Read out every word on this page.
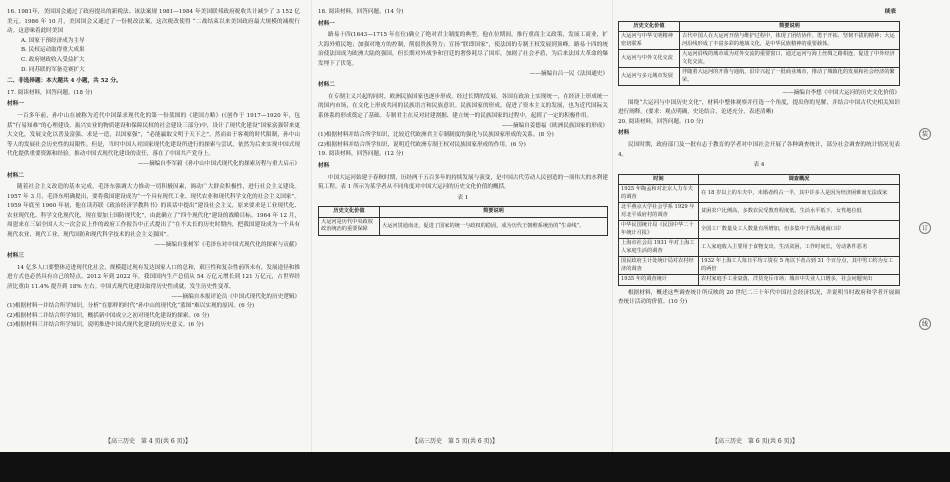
16. 1981年，美国国会通过了政府提出的新税法、该法案规 1981—1984 年美国联邦政府税收共计减少了 3 152 亿美元。1986 年 10 月，美国国会又通过了一份税改法案，这次税改使得 “二战结束以来美国政府最大规模的减税行动。这意味着此时美国

A. 国家干预经济成为主导

B. 民权运动取得重大成果

C. 政府财政收入受益扩大

D. 同苏联的军备竞赛扩大

二、非选择题：本大题共 4 小题，共 52 分。

17. 阅读材料，回答问题。(18 分)

材料一

一百多年前，孙中山在被称为近代中国谋求现代化的第一份蓝图的《建国方略》(《创作于 1917—1920 年，包括“行易知难”的心理建设、振兴实业的物质建设和保障民权的社会建设三部分)中，设计了现代化建设“国家富强带来更大文化，发展文化以普及富强、求是一造，以国家强”，“必能赢取文明于天下之”。然而由于客观的时代限制，孙中山等人的发展社会历史性的局限性。但是，当时中国人对国家现代化建设所进行的探索与尝试，依然为后来实现中国式现代化提供重要资源和经验。推动中国式现代化建设的责任，落在了中国共产党身上。

——摘编自李军毅《孙中山中国式现代化的探索历程与重大启示》

材料二

随着社会主义改造的基本完成，毛泽东强调大力推动一切积极因素，调动广大群众积极性，进行社会主义建设。1957 年 3 月，毛泽东明确提出，要将我国建设成为“一个具有现代工业、现代农业和现代科学文化的社会主义国家”。1959 年底至 1960 年初，他在读苏联《政治经济学教科书》的谈话中提出“建设社会主义，原来要求是工业现代化、农业现代化、科学文化现代化，现在要加上国防现代化”，由此确立了“四个现代化”建设的战略目标。1964 年 12 月，周恩来在三届全国人大一次会议上作的政府工作报告中正式提出了“在不太长的历史时期内，把我国建设成为一个具有现代农业、现代工业、现代国防和现代科学技术的社会主义强国”。

——摘编自张树军《毛泽东对中国式现代化的探索与贡献》

材料三

14 亿多人口要整体迈进现代化社会，规模超过现有发达国家人口的总和，艰巨性和复杂性前所未有，发展途径和推进方式也必然具有自己的特点。2012 年到 2022 年，我国国内生产总值从 54 万亿元增长到 121 万亿元，占世界经济比重由 11.4% 提升到 18% 左右。中国式现代化建设取得历史性成就，发生历史性变革。

——摘编自本报评论员《中国式现代化的历史逻辑》

(1)根据材料一并结合所学知识，分析“在那样的时代”孙中山的现代化“蓝图”难以实现的原因。(6 分)

(2)根据材料二并结合所学知识，概括新中国成立之初对现代化建设的探索。(6 分)

(3)根据材料三并结合所学知识，说明推进中国式现代化建设的历史意义。(6 分)

【高三历史　第 4 页(共 6 页)】

18. 阅读材料，回答问题。(14 分)

材料一

路易十四(1643—1715 年在位)确立了绝对君主制度的典型。他在位期间，推行重商主义政策，发展工商业，扩大海外殖民地；加强对地方的控制，削弱贵族势力；宣扬“朕即国家”，使法国的专制王权发展到顶峰。路易十四的统治使法国成为欧洲大陆的强国，但长期对外战争和宫廷的奢侈耗尽了国库，加剧了社会矛盾，为后来法国大革命的爆发埋下了伏笔。

——摘编自吕一民《法国通史》

材料二

在专制主义兴起的同时，欧洲民族国家也逐步形成。经过长期的发展，各国在政治上实现统一，在经济上形成统一的国内市场，在文化上形成共同的民族语言和民族意识。民族国家的形成，促进了资本主义的发展，也为近代国际关系体系的形成奠定了基础。专制君主在反对封建割据、建立统一的民族国家的过程中，起到了一定的积极作用。

——摘编自姜德福《欧洲民族国家的形成》

(1)根据材料并结合所学知识，比较近代欧洲君主专制制度的强化与民族国家形成的关系。(8 分)

(2)根据材料并结合所学知识，说明近代欧洲专制王权对民族国家形成的作用。(6 分)

19. 阅读材料，回答问题。(12 分)

材料

中国大运河始建于春秋时期，历经两千五百多年的持续发展与演变，是中国古代劳动人民创造的一项伟大的水利建筑工程。表 1 所示为某学者从不同角度对中国大运河的历史文化价值的概括。

表 1

历史文化价值	简要说明
大运河是历代中央政权政治统治的重要保障	大运河贯通南北，促进了国家的统一与政权的稳固，成为历代王朝维系统治的“生命线”。
【高三历史　第 5 页(共 6 页)】

续表

历史文化价值	简要说明
大运河与中华文明精神密切联系	古代中国人在大运河开凿与维护过程中，体现了团结协作、勇于开拓、坚韧不拔的精神；大运河沿线形成了丰富多彩的地域文化，是中华民族精神的重要载体。
大运河与中外文化交流	大运河沿线的城市成为对外交流的重要窗口，通过运河与海上丝绸之路相连，促进了中外经济文化交流。
大运河与多元城市发展	伴随着大运河的开凿与通航，沿岸兴起了一批商业城市，推动了城镇化的发展和社会经济的繁荣。

——摘编自李想《中国大运河的历史文化价值》

围绕“大运河与中国历史文化”，材料中整体观察并任选一个角度，提出你的见解，并结合中国古代史相关知识进行阐释。(要求：观点明确，史论结合，论述充分，表述清晰)

20. 阅读材料，回答问题。(10 分)

材料

民国时期，政府部门及一批有志于教育的学者对中国社会开展了各种调查统计，部分社会调查的统计情况见表 4。

表 4

时间	调查概况
1925 年陶孟和对北京人力车夫的调查	在 18 岁以上的车夫中，未婚者约占一半，其中许多人是因为经济困难而无法成家
北平燕京大学社会学系 1929 年对北平成府村的调查	贫困农户比例高，多数农民受教育程度低，生活水平低下，女性地位低
中华民国统计局《民国中华二十年统计月报》	全国工厂数量及工人数量有所增加，但多集中于沿海通商口岸
上海市社会局 1931 年对上海工人家庭生活的调查	工人家庭收入主要用于食物支出，生活贫困，工作时间长，劳动条件恶劣
国民政府主计处统计局对农村经济的调查	1932 年上海工人每日平均工资在 5 角以下者占到 31 个百分点，其中男工约为女工的两倍
1935 年的调查统计	农村家庭手工业衰落，洋货充斥市场；城市中失业人口增多，社会问题突出

根据材料，概述这些调查统计所反映的 20 世纪二三十年代中国社会经济状况，并说明当时政府和学者开展调查统计活动的价值。(10 分)

【高三历史　第 6 页(共 6 页)】
装
订
线
